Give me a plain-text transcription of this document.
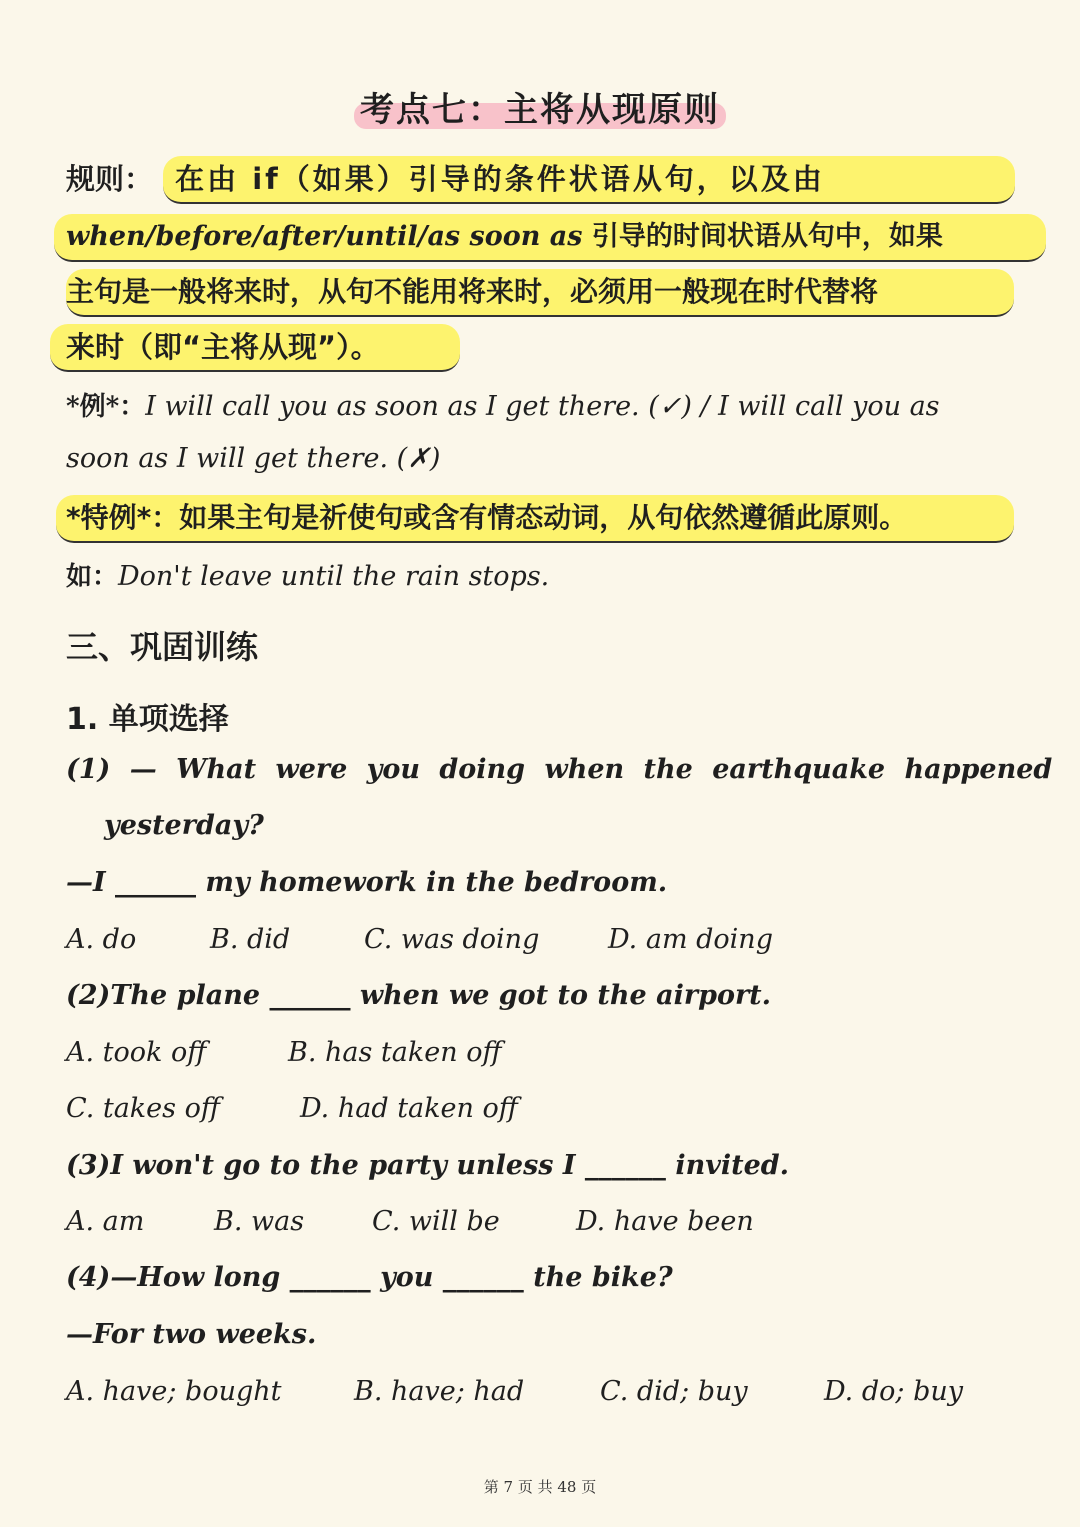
考点七：主将从现原则
规则： 在由 if（如果）引导的条件状语从句，以及由
when/before/after/until/as soon as 引导的时间状语从句中，如果
主句是一般将来时，从句不能用将来时，必须用一般现在时代替将
来时（即“主将从现”）。
*例*：I will call you as soon as I get there. (✓) / I will call you as
soon as I will get there. (✗)
*特例*：如果主句是祈使句或含有情态动词，从句依然遵循此原则。
如：Don't leave until the rain stops.
三、巩固训练
1. 单项选择
(1) — What were you doing when the earthquake happened
yesterday?
—I ______ my homework in the bedroom.
A. do	B. did	C. was doing	D. am doing
(2)The plane ______ when we got to the airport.
A. took off	B. has taken off
C. takes off	D. had taken off
(3)I won't go to the party unless I ______ invited.
A. am	B. was	C. will be	D. have been
(4)—How long ______ you ______ the bike?
—For two weeks.
A. have; bought	B. have; had	C. did; buy	D. do; buy
第 7 页 共 48 页
